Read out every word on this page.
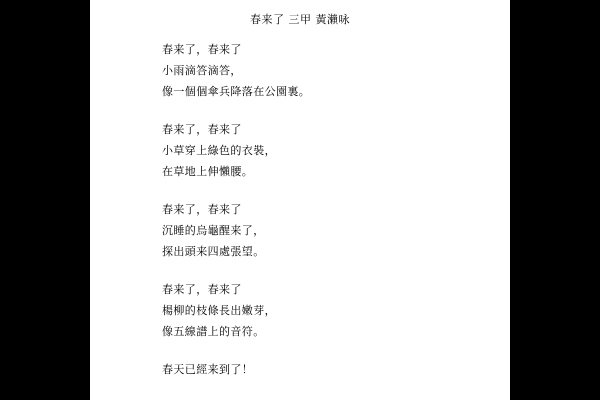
春来了 三甲 黃瀨咏
春来了，春来了
小雨滴答滴答，
像一個個傘兵降落在公園裏。
春来了，春来了
小草穿上綠色的衣裝，
在草地上伸懶腰。
春来了，春来了
沉睡的烏龜醒来了，
探出頭来四處張望。
春来了，春来了
楊柳的枝條長出嫩芽，
像五線譜上的音符。
春天已經来到了！
